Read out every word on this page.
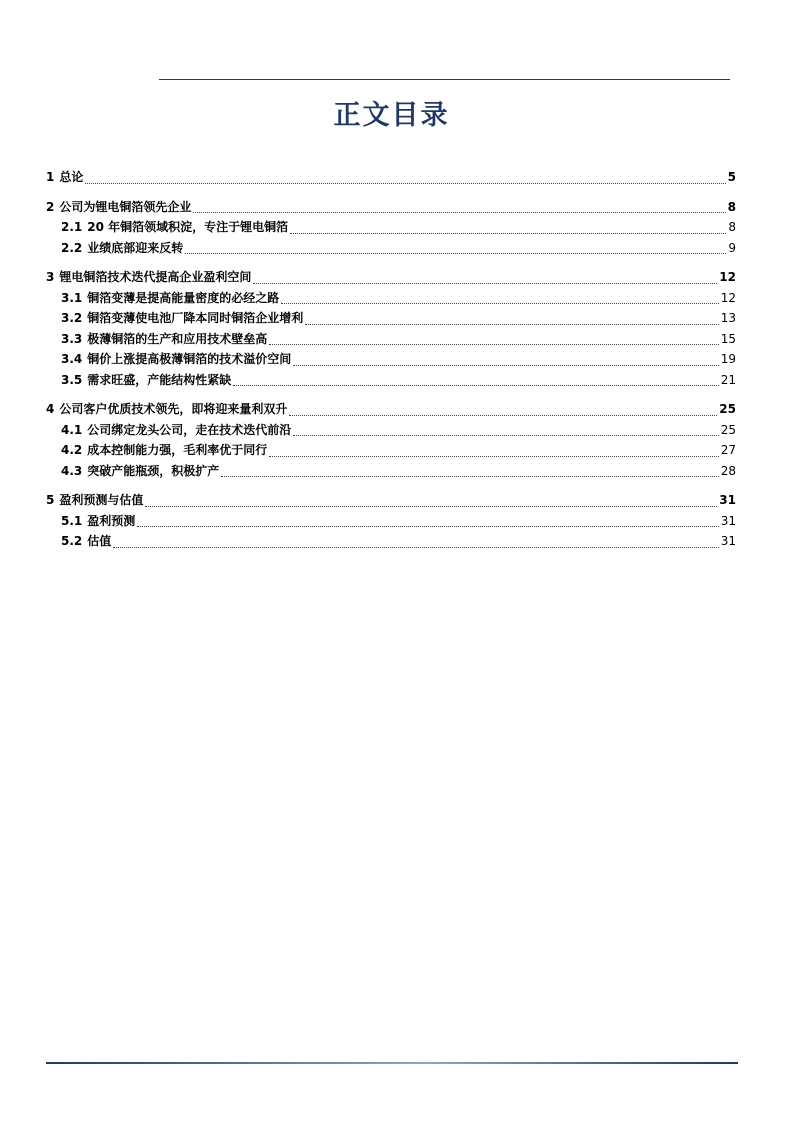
正文目录
1 总论	5
2 公司为锂电铜箔领先企业	8
2.1 20 年铜箔领域积淀，专注于锂电铜箔	8
2.2 业绩底部迎来反转	9
3 锂电铜箔技术迭代提高企业盈利空间	12
3.1 铜箔变薄是提高能量密度的必经之路	12
3.2 铜箔变薄使电池厂降本同时铜箔企业增利	13
3.3 极薄铜箔的生产和应用技术壁垒高	15
3.4 铜价上涨提高极薄铜箔的技术溢价空间	19
3.5 需求旺盛，产能结构性紧缺	21
4 公司客户优质技术领先，即将迎来量利双升	25
4.1 公司绑定龙头公司，走在技术迭代前沿	25
4.2 成本控制能力强，毛利率优于同行	27
4.3 突破产能瓶颈，积极扩产	28
5 盈利预测与估值	31
5.1 盈利预测	31
5.2 估值	31
